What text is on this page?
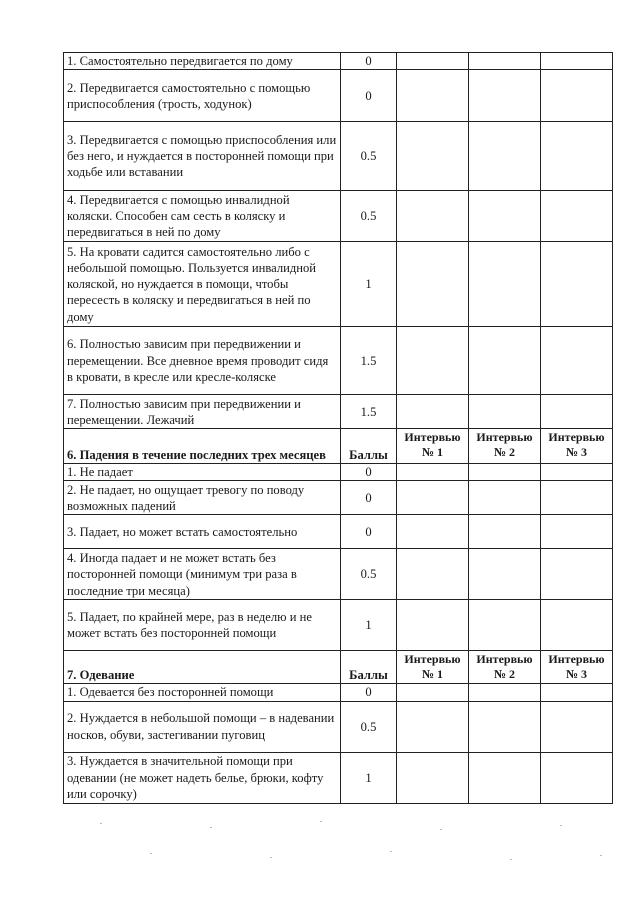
1. Самостоятельно передвигается по дому	0			
2. Передвигается самостоятельно с помощью приспособления (трость, ходунок)	0			
3. Передвигается с помощью приспособления или без него, и нуждается в посторонней помощи при ходьбе или вставании	0.5			
4. Передвигается с помощью инвалидной коляски. Способен сам сесть в коляску и передвигаться в ней по дому	0.5			
5. На кровати садится самостоятельно либо с небольшой помощью. Пользуется инвалидной коляской, но нуждается в помощи, чтобы пересесть в коляску и передвигаться в ней по дому	1			
6. Полностью зависим при передвижении и перемещении. Все дневное время проводит сидя в кровати, в кресле или кресле-коляске	1.5			
7. Полностью зависим при передвижении и перемещении. Лежачий	1.5			
6. Падения в течение последних трех месяцев	Баллы	Интервью № 1	Интервью № 2	Интервью № 3
1. Не падает	0			
2. Не падает, но ощущает тревогу по поводу возможных падений	0			
3. Падает, но может встать самостоятельно	0			
4. Иногда падает и не может встать без посторонней помощи (минимум три раза в последние три месяца)	0.5			
5. Падает, по крайней мере, раз в неделю и не может встать без посторонней помощи	1			
7. Одевание	Баллы	Интервью № 1	Интервью № 2	Интервью № 3
1. Одевается без посторонней помощи	0			
2. Нуждается в небольшой помощи – в надевании носков, обуви, застегивании пуговиц	0.5			
3. Нуждается в значительной помощи при одевании (не может надеть белье, брюки, кофту или сорочку)	1			
